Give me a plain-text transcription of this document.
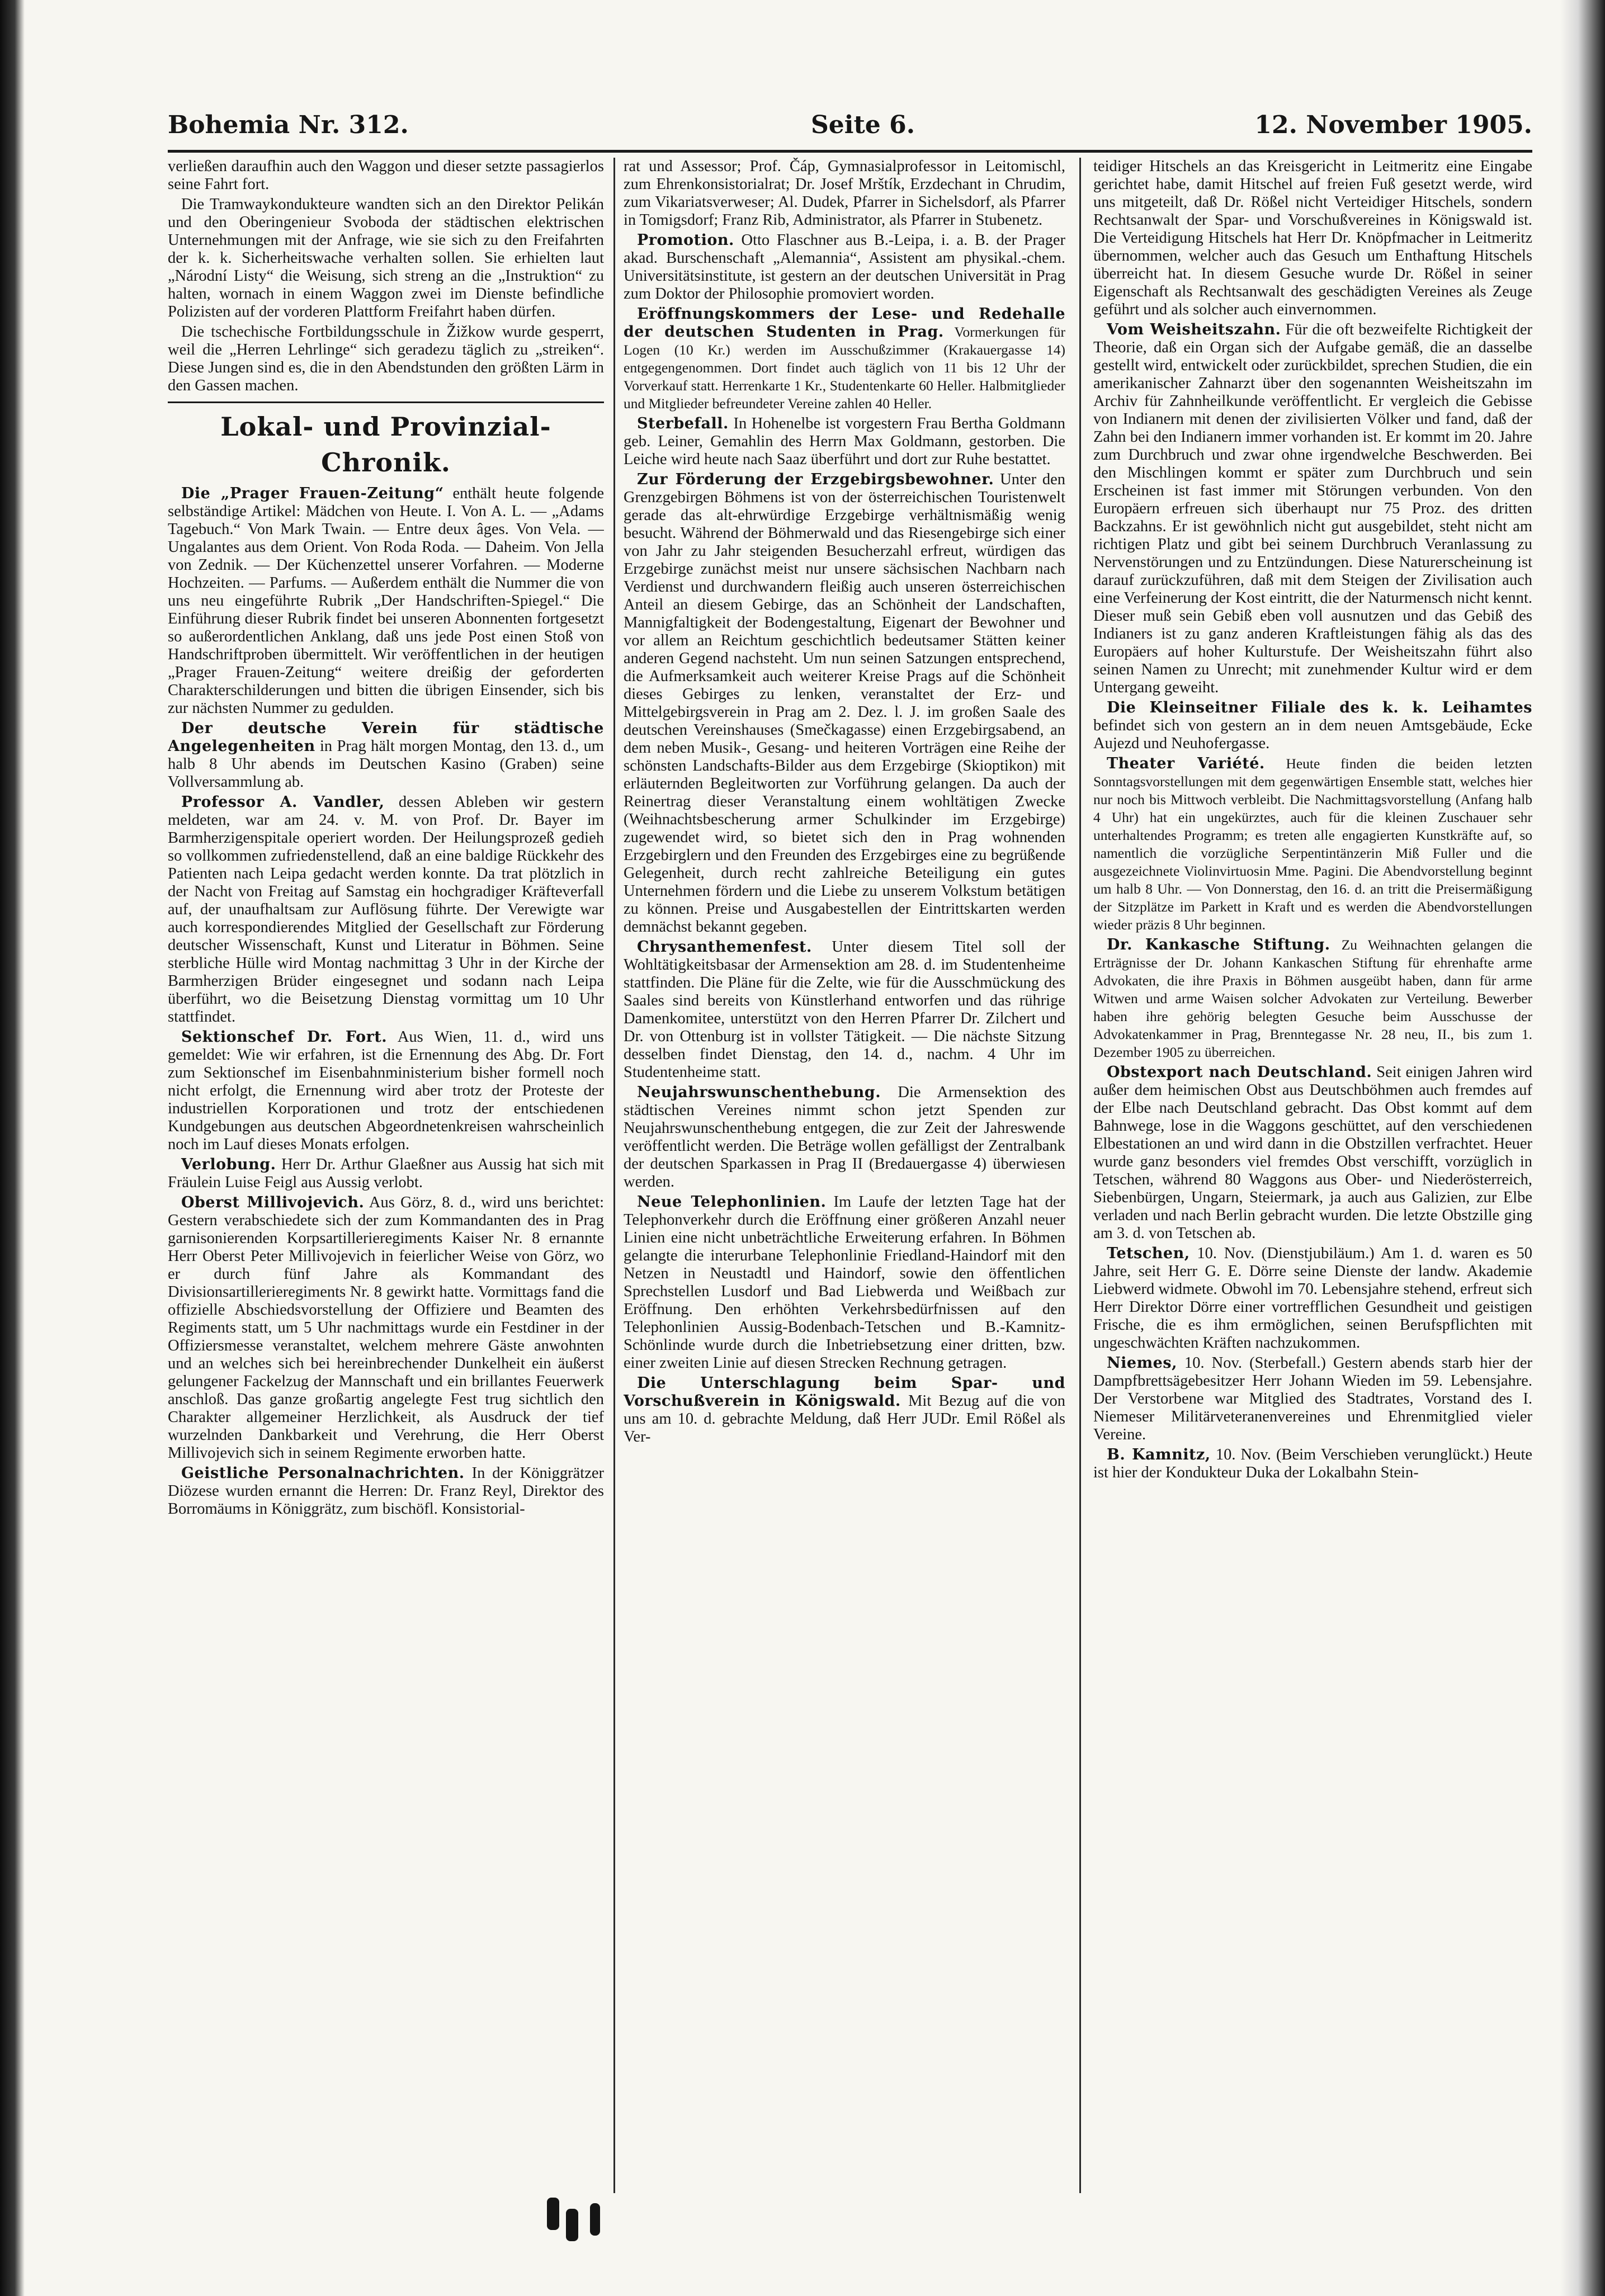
Bohemia Nr. 312.	Seite 6.	12. November 1905.

verließen daraufhin auch den Waggon und dieser setzte passagierlos seine Fahrt fort.

Die Tramwaykondukteure wandten sich an den Direktor Pelikán und den Oberingenieur Svoboda der städtischen elektrischen Unternehmungen mit der Anfrage, wie sie sich zu den Freifahrten der k. k. Sicherheitswache verhalten sollen. Sie erhielten laut „Národní Listy“ die Weisung, sich streng an die „Instruktion“ zu halten, wornach in einem Waggon zwei im Dienste befindliche Polizisten auf der vorderen Plattform Freifahrt haben dürfen.

Die tschechische Fortbildungsschule in Žižkow wurde gesperrt, weil die „Herren Lehrlinge“ sich geradezu täglich zu „streiken“. Diese Jungen sind es, die in den Abendstunden den größten Lärm in den Gassen machen.

Lokal- und Provinzial-Chronik.

Die „Prager Frauen-Zeitung“ enthält heute folgende selbständige Artikel: Mädchen von Heute. I. Von A. L. — „Adams Tagebuch.“ Von Mark Twain. — Entre deux âges. Von Vela. — Ungalantes aus dem Orient. Von Roda Roda. — Daheim. Von Jella von Zednik. — Der Küchenzettel unserer Vorfahren. — Moderne Hochzeiten. — Parfums. — Außerdem enthält die Nummer die von uns neu eingeführte Rubrik „Der Handschriften-Spiegel.“ Die Einführung dieser Rubrik findet bei unseren Abonnenten fortgesetzt so außerordentlichen Anklang, daß uns jede Post einen Stoß von Handschriftproben übermittelt. Wir veröffentlichen in der heutigen „Prager Frauen-Zeitung“ weitere dreißig der geforderten Charakterschilderungen und bitten die übrigen Einsender, sich bis zur nächsten Nummer zu gedulden.

Der deutsche Verein für städtische Angelegenheiten in Prag hält morgen Montag, den 13. d., um halb 8 Uhr abends im Deutschen Kasino (Graben) seine Vollversammlung ab.

Professor A. Vandler, dessen Ableben wir gestern meldeten, war am 24. v. M. von Prof. Dr. Bayer im Barmherzigenspitale operiert worden. Der Heilungsprozeß gedieh so vollkommen zufriedenstellend, daß an eine baldige Rückkehr des Patienten nach Leipa gedacht werden konnte. Da trat plötzlich in der Nacht von Freitag auf Samstag ein hochgradiger Kräfteverfall auf, der unaufhaltsam zur Auflösung führte. Der Verewigte war auch korrespondierendes Mitglied der Gesellschaft zur Förderung deutscher Wissenschaft, Kunst und Literatur in Böhmen. Seine sterbliche Hülle wird Montag nachmittag 3 Uhr in der Kirche der Barmherzigen Brüder eingesegnet und sodann nach Leipa überführt, wo die Beisetzung Dienstag vormittag um 10 Uhr stattfindet.

Sektionschef Dr. Fort. Aus Wien, 11. d., wird uns gemeldet: Wie wir erfahren, ist die Ernennung des Abg. Dr. Fort zum Sektionschef im Eisenbahnministerium bisher formell noch nicht erfolgt, die Ernennung wird aber trotz der Proteste der industriellen Korporationen und trotz der entschiedenen Kundgebungen aus deutschen Abgeordnetenkreisen wahrscheinlich noch im Lauf dieses Monats erfolgen.

Verlobung. Herr Dr. Arthur Glaeßner aus Aussig hat sich mit Fräulein Luise Feigl aus Aussig verlobt.

Oberst Millivojevich. Aus Görz, 8. d., wird uns berichtet: Gestern verabschiedete sich der zum Kommandanten des in Prag garnisonierenden Korpsartillerieregiments Kaiser Nr. 8 ernannte Herr Oberst Peter Millivojevich in feierlicher Weise von Görz, wo er durch fünf Jahre als Kommandant des Divisionsartillerieregiments Nr. 8 gewirkt hatte. Vormittags fand die offizielle Abschiedsvorstellung der Offiziere und Beamten des Regiments statt, um 5 Uhr nachmittags wurde ein Festdiner in der Offiziersmesse veranstaltet, welchem mehrere Gäste anwohnten und an welches sich bei hereinbrechender Dunkelheit ein äußerst gelungener Fackelzug der Mannschaft und ein brillantes Feuerwerk anschloß. Das ganze großartig angelegte Fest trug sichtlich den Charakter allgemeiner Herzlichkeit, als Ausdruck der tief wurzelnden Dankbarkeit und Verehrung, die Herr Oberst Millivojevich sich in seinem Regimente erworben hatte.

Geistliche Personalnachrichten. In der Königgrätzer Diözese wurden ernannt die Herren: Dr. Franz Reyl, Direktor des Borromäums in Königgrätz, zum bischöfl. Konsistorial-

rat und Assessor; Prof. Čáp, Gymnasialprofessor in Leitomischl, zum Ehrenkonsistorialrat; Dr. Josef Mrštík, Erzdechant in Chrudim, zum Vikariatsverweser; Al. Dudek, Pfarrer in Sichelsdorf, als Pfarrer in Tomigsdorf; Franz Rib, Administrator, als Pfarrer in Stubenetz.

Promotion. Otto Flaschner aus B.-Leipa, i. a. B. der Prager akad. Burschenschaft „Alemannia“, Assistent am physikal.-chem. Universitätsinstitute, ist gestern an der deutschen Universität in Prag zum Doktor der Philosophie promoviert worden.

Eröffnungskommers der Lese- und Redehalle der deutschen Studenten in Prag. Vormerkungen für Logen (10 Kr.) werden im Ausschußzimmer (Krakauergasse 14) entgegengenommen. Dort findet auch täglich von 11 bis 12 Uhr der Vorverkauf statt. Herrenkarte 1 Kr., Studentenkarte 60 Heller. Halbmitglieder und Mitglieder befreundeter Vereine zahlen 40 Heller.

Sterbefall. In Hohenelbe ist vorgestern Frau Bertha Goldmann geb. Leiner, Gemahlin des Herrn Max Goldmann, gestorben. Die Leiche wird heute nach Saaz überführt und dort zur Ruhe bestattet.

Zur Förderung der Erzgebirgsbewohner. Unter den Grenzgebirgen Böhmens ist von der österreichischen Touristenwelt gerade das alt-ehrwürdige Erzgebirge verhältnismäßig wenig besucht. Während der Böhmerwald und das Riesengebirge sich einer von Jahr zu Jahr steigenden Besucherzahl erfreut, würdigen das Erzgebirge zunächst meist nur unsere sächsischen Nachbarn nach Verdienst und durchwandern fleißig auch unseren österreichischen Anteil an diesem Gebirge, das an Schönheit der Landschaften, Mannigfaltigkeit der Bodengestaltung, Eigenart der Bewohner und vor allem an Reichtum geschichtlich bedeutsamer Stätten keiner anderen Gegend nachsteht. Um nun seinen Satzungen entsprechend, die Aufmerksamkeit auch weiterer Kreise Prags auf die Schönheit dieses Gebirges zu lenken, veranstaltet der Erz- und Mittelgebirgsverein in Prag am 2. Dez. l. J. im großen Saale des deutschen Vereinshauses (Smečkagasse) einen Erzgebirgsabend, an dem neben Musik-, Gesang- und heiteren Vorträgen eine Reihe der schönsten Landschafts-Bilder aus dem Erzgebirge (Skioptikon) mit erläuternden Begleitworten zur Vorführung gelangen. Da auch der Reinertrag dieser Veranstaltung einem wohltätigen Zwecke (Weihnachtsbescherung armer Schulkinder im Erzgebirge) zugewendet wird, so bietet sich den in Prag wohnenden Erzgebirglern und den Freunden des Erzgebirges eine zu begrüßende Gelegenheit, durch recht zahlreiche Beteiligung ein gutes Unternehmen fördern und die Liebe zu unserem Volkstum betätigen zu können. Preise und Ausgabestellen der Eintrittskarten werden demnächst bekannt gegeben.

Chrysanthemenfest. Unter diesem Titel soll der Wohltätigkeitsbasar der Armensektion am 28. d. im Studentenheime stattfinden. Die Pläne für die Zelte, wie für die Ausschmückung des Saales sind bereits von Künstlerhand entworfen und das rührige Damenkomitee, unterstützt von den Herren Pfarrer Dr. Zilchert und Dr. von Ottenburg ist in vollster Tätigkeit. — Die nächste Sitzung desselben findet Dienstag, den 14. d., nachm. 4 Uhr im Studentenheime statt.

Neujahrswunschenthebung. Die Armensektion des städtischen Vereines nimmt schon jetzt Spenden zur Neujahrswunschenthebung entgegen, die zur Zeit der Jahreswende veröffentlicht werden. Die Beträge wollen gefälligst der Zentralbank der deutschen Sparkassen in Prag II (Bredauergasse 4) überwiesen werden.

Neue Telephonlinien. Im Laufe der letzten Tage hat der Telephonverkehr durch die Eröffnung einer größeren Anzahl neuer Linien eine nicht unbeträchtliche Erweiterung erfahren. In Böhmen gelangte die interurbane Telephonlinie Friedland-Haindorf mit den Netzen in Neustadtl und Haindorf, sowie den öffentlichen Sprechstellen Lusdorf und Bad Liebwerda und Weißbach zur Eröffnung. Den erhöhten Verkehrsbedürfnissen auf den Telephonlinien Aussig-Bodenbach-Tetschen und B.-Kamnitz-Schönlinde wurde durch die Inbetriebsetzung einer dritten, bzw. einer zweiten Linie auf diesen Strecken Rechnung getragen.

Die Unterschlagung beim Spar- und Vorschußverein in Königswald. Mit Bezug auf die von uns am 10. d. gebrachte Meldung, daß Herr JUDr. Emil Rößel als Ver-

teidiger Hitschels an das Kreisgericht in Leitmeritz eine Eingabe gerichtet habe, damit Hitschel auf freien Fuß gesetzt werde, wird uns mitgeteilt, daß Dr. Rößel nicht Verteidiger Hitschels, sondern Rechtsanwalt der Spar- und Vorschußvereines in Königswald ist. Die Verteidigung Hitschels hat Herr Dr. Knöpfmacher in Leitmeritz übernommen, welcher auch das Gesuch um Enthaftung Hitschels überreicht hat. In diesem Gesuche wurde Dr. Rößel in seiner Eigenschaft als Rechtsanwalt des geschädigten Vereines als Zeuge geführt und als solcher auch einvernommen.

Vom Weisheitszahn. Für die oft bezweifelte Richtigkeit der Theorie, daß ein Organ sich der Aufgabe gemäß, die an dasselbe gestellt wird, entwickelt oder zurückbildet, sprechen Studien, die ein amerikanischer Zahnarzt über den sogenannten Weisheitszahn im Archiv für Zahnheilkunde veröffentlicht. Er vergleich die Gebisse von Indianern mit denen der zivilisierten Völker und fand, daß der Zahn bei den Indianern immer vorhanden ist. Er kommt im 20. Jahre zum Durchbruch und zwar ohne irgendwelche Beschwerden. Bei den Mischlingen kommt er später zum Durchbruch und sein Erscheinen ist fast immer mit Störungen verbunden. Von den Europäern erfreuen sich überhaupt nur 75 Proz. des dritten Backzahns. Er ist gewöhnlich nicht gut ausgebildet, steht nicht am richtigen Platz und gibt bei seinem Durchbruch Veranlassung zu Nervenstörungen und zu Entzündungen. Diese Naturerscheinung ist darauf zurückzuführen, daß mit dem Steigen der Zivilisation auch eine Verfeinerung der Kost eintritt, die der Naturmensch nicht kennt. Dieser muß sein Gebiß eben voll ausnutzen und das Gebiß des Indianers ist zu ganz anderen Kraftleistungen fähig als das des Europäers auf hoher Kulturstufe. Der Weisheitszahn führt also seinen Namen zu Unrecht; mit zunehmender Kultur wird er dem Untergang geweiht.

Die Kleinseitner Filiale des k. k. Leihamtes befindet sich von gestern an in dem neuen Amtsgebäude, Ecke Aujezd und Neuhofergasse.

Theater Variété. Heute finden die beiden letzten Sonntagsvorstellungen mit dem gegenwärtigen Ensemble statt, welches hier nur noch bis Mittwoch verbleibt. Die Nachmittagsvorstellung (Anfang halb 4 Uhr) hat ein ungekürztes, auch für die kleinen Zuschauer sehr unterhaltendes Programm; es treten alle engagierten Kunstkräfte auf, so namentlich die vorzügliche Serpentintänzerin Miß Fuller und die ausgezeichnete Violinvirtuosin Mme. Pagini. Die Abendvorstellung beginnt um halb 8 Uhr. — Von Donnerstag, den 16. d. an tritt die Preisermäßigung der Sitzplätze im Parkett in Kraft und es werden die Abendvorstellungen wieder präzis 8 Uhr beginnen.

Dr. Kankasche Stiftung. Zu Weihnachten gelangen die Erträgnisse der Dr. Johann Kankaschen Stiftung für ehrenhafte arme Advokaten, die ihre Praxis in Böhmen ausgeübt haben, dann für arme Witwen und arme Waisen solcher Advokaten zur Verteilung. Bewerber haben ihre gehörig belegten Gesuche beim Ausschusse der Advokatenkammer in Prag, Brenntegasse Nr. 28 neu, II., bis zum 1. Dezember 1905 zu überreichen.

Obstexport nach Deutschland. Seit einigen Jahren wird außer dem heimischen Obst aus Deutschböhmen auch fremdes auf der Elbe nach Deutschland gebracht. Das Obst kommt auf dem Bahnwege, lose in die Waggons geschüttet, auf den verschiedenen Elbestationen an und wird dann in die Obstzillen verfrachtet. Heuer wurde ganz besonders viel fremdes Obst verschifft, vorzüglich in Tetschen, während 80 Waggons aus Ober- und Niederösterreich, Siebenbürgen, Ungarn, Steiermark, ja auch aus Galizien, zur Elbe verladen und nach Berlin gebracht wurden. Die letzte Obstzille ging am 3. d. von Tetschen ab.

Tetschen, 10. Nov. (Dienstjubiläum.) Am 1. d. waren es 50 Jahre, seit Herr G. E. Dörre seine Dienste der landw. Akademie Liebwerd widmete. Obwohl im 70. Lebensjahre stehend, erfreut sich Herr Direktor Dörre einer vortrefflichen Gesundheit und geistigen Frische, die es ihm ermöglichen, seinen Berufspflichten mit ungeschwächten Kräften nachzukommen.

Niemes, 10. Nov. (Sterbefall.) Gestern abends starb hier der Dampfbrettsägebesitzer Herr Johann Wieden im 59. Lebensjahre. Der Verstorbene war Mitglied des Stadtrates, Vorstand des I. Niemeser Militärveteranenvereines und Ehrenmitglied vieler Vereine.

B. Kamnitz, 10. Nov. (Beim Verschieben verunglückt.) Heute ist hier der Kondukteur Duka der Lokalbahn Stein-
